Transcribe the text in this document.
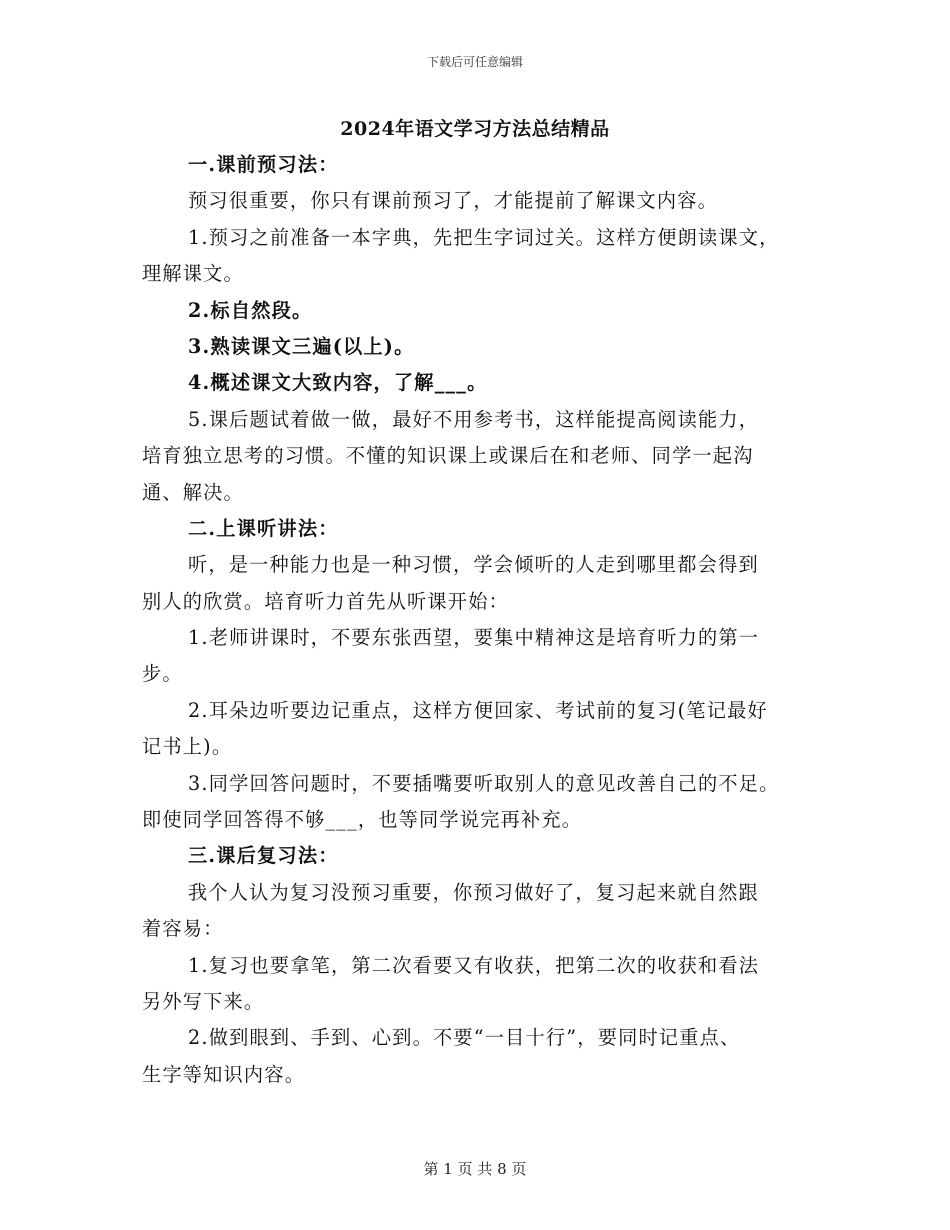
下载后可任意编辑
2024年语文学习方法总结精品
一.课前预习法：
预习很重要，你只有课前预习了，才能提前了解课文内容。
1.预习之前准备一本字典，先把生字词过关。这样方便朗读课文，
理解课文。
2.标自然段。
3.熟读课文三遍(以上)。
4.概述课文大致内容，了解___。
5.课后题试着做一做，最好不用参考书，这样能提高阅读能力，
培育独立思考的习惯。不懂的知识课上或课后在和老师、同学一起沟
通、解决。
二.上课听讲法：
听，是一种能力也是一种习惯，学会倾听的人走到哪里都会得到
别人的欣赏。培育听力首先从听课开始：
1.老师讲课时，不要东张西望，要集中精神这是培育听力的第一
步。
2.耳朵边听要边记重点，这样方便回家、考试前的复习(笔记最好
记书上)。
3.同学回答问题时，不要插嘴要听取别人的意见改善自己的不足。
即使同学回答得不够___，也等同学说完再补充。
三.课后复习法：
我个人认为复习没预习重要，你预习做好了，复习起来就自然跟
着容易：
1.复习也要拿笔，第二次看要又有收获，把第二次的收获和看法
另外写下来。
2.做到眼到、手到、心到。不要“一目十行”，要同时记重点、
生字等知识内容。
第 1 页 共 8 页
